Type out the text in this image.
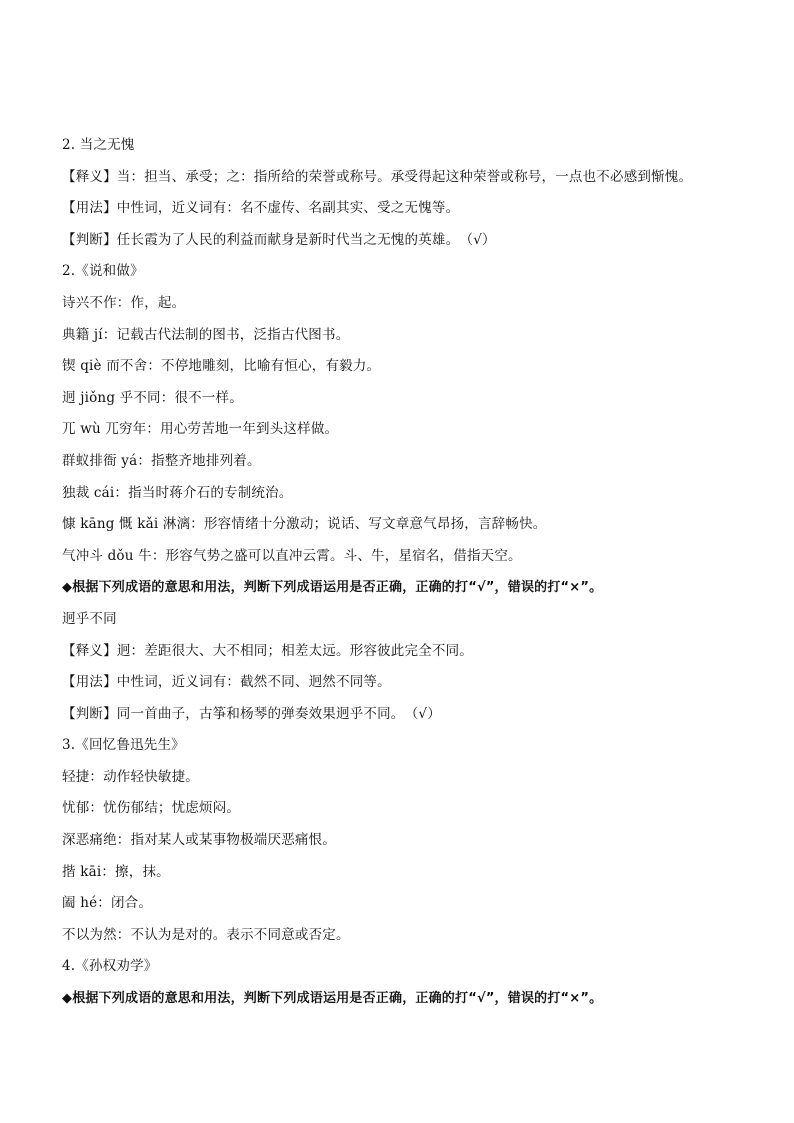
2. 当之无愧
【释义】当：担当、承受；之：指所给的荣誉或称号。承受得起这种荣誉或称号，一点也不必感到惭愧。
【用法】中性词，近义词有：名不虚传、名副其实、受之无愧等。
【判断】任长霞为了人民的利益而献身是新时代当之无愧的英雄。　（√）
2.《说和做》
诗兴不作：作，起。
典籍 jí：记载古代法制的图书，泛指古代图书。
锲 qiè 而不舍：不停地雕刻，比喻有恒心，有毅力。
迥 jiǒng 乎不同：很不一样。
兀 wù 兀穷年：用心劳苦地一年到头这样做。
群蚁排衙 yá：指整齐地排列着。
独裁 cái：指当时蒋介石的专制统治。
慷 kāng 慨 kǎi 淋漓：形容情绪十分激动；说话、写文章意气昂扬，言辞畅快。
气冲斗 dǒu 牛：形容气势之盛可以直冲云霄。斗、牛，星宿名，借指天空。
◆根据下列成语的意思和用法，判断下列成语运用是否正确，正确的打“√”，错误的打“×”。
迥乎不同
【释义】迥：差距很大、大不相同；相差太远。形容彼此完全不同。
【用法】中性词，近义词有：截然不同、迥然不同等。
【判断】同一首曲子，古筝和杨琴的弹奏效果迥乎不同。　（√）
3.《回忆鲁迅先生》
轻捷：动作轻快敏捷。
忧郁：忧伤郁结；忧虑烦闷。
深恶痛绝：指对某人或某事物极端厌恶痛恨。
揩 kāi：擦，抹。
阖 hé：闭合。
不以为然：不认为是对的。表示不同意或否定。
4.《孙权劝学》
◆根据下列成语的意思和用法，判断下列成语运用是否正确，正确的打“√”，错误的打“×”。
